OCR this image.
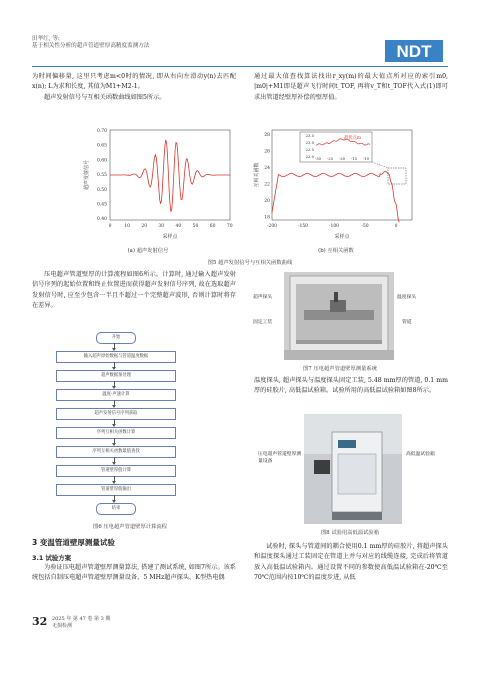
田华红, 等:
基于相关性分析的超声管道壁厚高精度监测方法	NDT

为时间偏移量, 这里只考虑m<0时的情况, 即从右向左滑动y(n)去匹配x(n); L为求和长度, 其值为M1+M2-1。

超声发射信号与互相关函数曲线如图5所示。

通过最大值查找算法找出r_xy(m)的最大值点所对应的索引m0, |m0|+M1即是超声飞行时间t_TOF, 再将v_T和t_TOF代入式(1)即可求出管道经壁厚补偿的壁厚值。

超声发射信号
0.70
0.65
0.60
0.55
0.50
0.45
0.40
0	10	20	30	40	50	60	70
采样点
(a) 超声发射信号
互相关函数
28
26
24
22
20
18
-200	-150	-100	-50	0
采样点
23.5
23.0
22.5
22.0 -30 -25 -20 -15 -10
最优点m
(b) 互相关函数
图5 超声发射信号与互相关函数曲线

压电超声管道壁厚的计算流程如图6所示。计算时, 通过输入超声发射信号序列的起始位置和终止位置进而获得超声发射信号序列, 故在选取超声发射信号时, 应至少包含一半且不超过一个完整超声波形, 否则计算时将存在差异。

开始
输入超声原始数据与管道温度数据
超声数据预处理
温度-声速计算
超声发射信号序列获取
序列互相关函数计算
序列互相关函数最值查找
管道壁厚值计算
管道壁厚值输出
结束
图6 压电超声管道壁厚计算流程
3 变温管道壁厚测量试验
3.1 试验方案

为验证压电超声管道壁厚测量算法, 搭建了测试系统, 如图7所示。该系统包括自制压电超声管道壁厚测量设备、5 MHz超声探头、K型热电偶

超声探头	温度探头
固定工装	管道
图7 压电超声管道壁厚测量系统

温度探头, 超声探头与温度探头固定工装, 5.48 mm厚的管道, 0.1 mm厚的硅胶片, 高低温试验箱。试验所用的高低温试验箱如图8所示。

压电超声管道壁厚测量设备
高低温试验箱
图8 试验用高低温试验箱

试验时, 探头与管道间的耦合使用0.1 mm厚的硅胶片, 将超声探头和温度探头通过工装固定在管道上并与对应的线缆连接, 完成后将管道放入高低温试验箱内。通过设置不同的参数使高低温试验箱在-20℃至70℃范围内按10℃的温度步进, 从低

32 2025 年 第 47 卷 第 3 期
无损检测
